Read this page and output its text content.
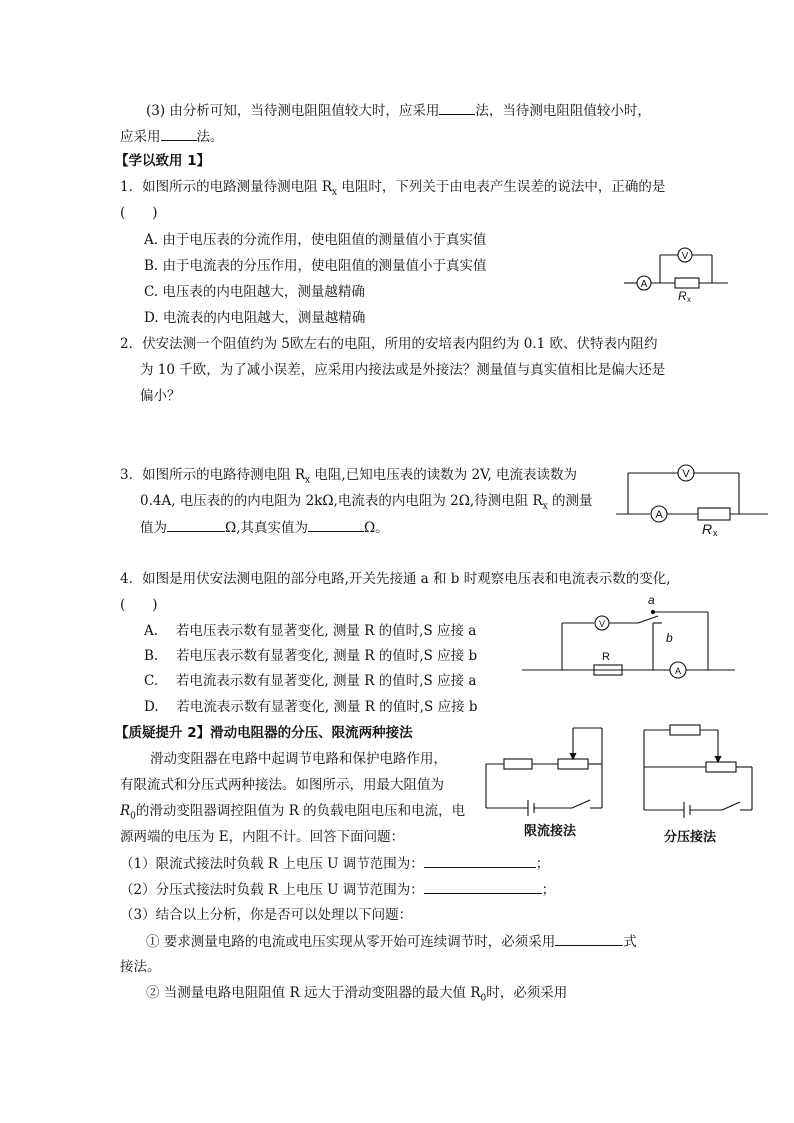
(3) 由分析可知，当待测电阻阻值较大时，应采用	法，当待测电阻阻值较小时，
应采用	法。
【学以致用 1】
1．如图所示的电路测量待测电阻 $R_x$ 电阻时，下列关于由电表产生误差的说法中，正确的是
(　　)
A. 由于电压表的分流作用，使电阻值的测量值小于真实值
B. 由于电流表的分压作用，使电阻值的测量值小于真实值
C. 电压表的内电阻越大，测量越精确
D. 电流表的内电阻越大，测量越精确
A
V
R x
2．伏安法测一个阻值约为 5欧左右的电阻，所用的安培表内阻约为 0.1 欧、伏特表内阻约
为 10 千欧，为了减小误差，应采用内接法或是外接法？测量值与真实值相比是偏大还是
偏小？
3．如图所示的电路待测电阻 $R_x$ 电阻,已知电压表的读数为 2V, 电流表读数为
0.4A, 电压表的的内电阻为 2kΩ,电流表的内电阻为 2Ω,待测电阻 $R_x$ 的测量
值为	Ω,其真实值为	Ω。
A
V
R x
4．如图是用伏安法测电阻的部分电路,开关先接通 a 和 b 时观察电压表和电流表示数的变化,
(　　)
A.　 若电压表示数有显著变化, 测量 R 的值时,S 应接 a
B.　 若电压表示数有显著变化, 测量 R 的值时,S 应接 b
C.　 若电流表示数有显著变化, 测量 R 的值时,S 应接 a
D.　 若电流表示数有显著变化, 测量 R 的值时,S 应接 b
a
b
V
R
A
【质疑提升 2】滑动电阻器的分压、限流两种接法
滑动变阻器在电路中起调节电路和保护电路作用，
有限流式和分压式两种接法。如图所示，用最大阻值为
$R_0$的滑动变阻器调控阻值为 R 的负载电阻电压和电流，电
源两端的电压为 E，内阻不计。回答下面问题：	限流接法	分压接法
（1）限流式接法时负载 R 上电压 U 调节范围为：	；
（2）分压式接法时负载 R 上电压 U 调节范围为：	；
（3）结合以上分析，你是否可以处理以下问题：
① 要求测量电路的电流或电压实现从零开始可连续调节时，必须采用	式
接法。
② 当测量电路电阻阻值 R 远大于滑动变阻器的最大值 $R_0$时，必须采用
